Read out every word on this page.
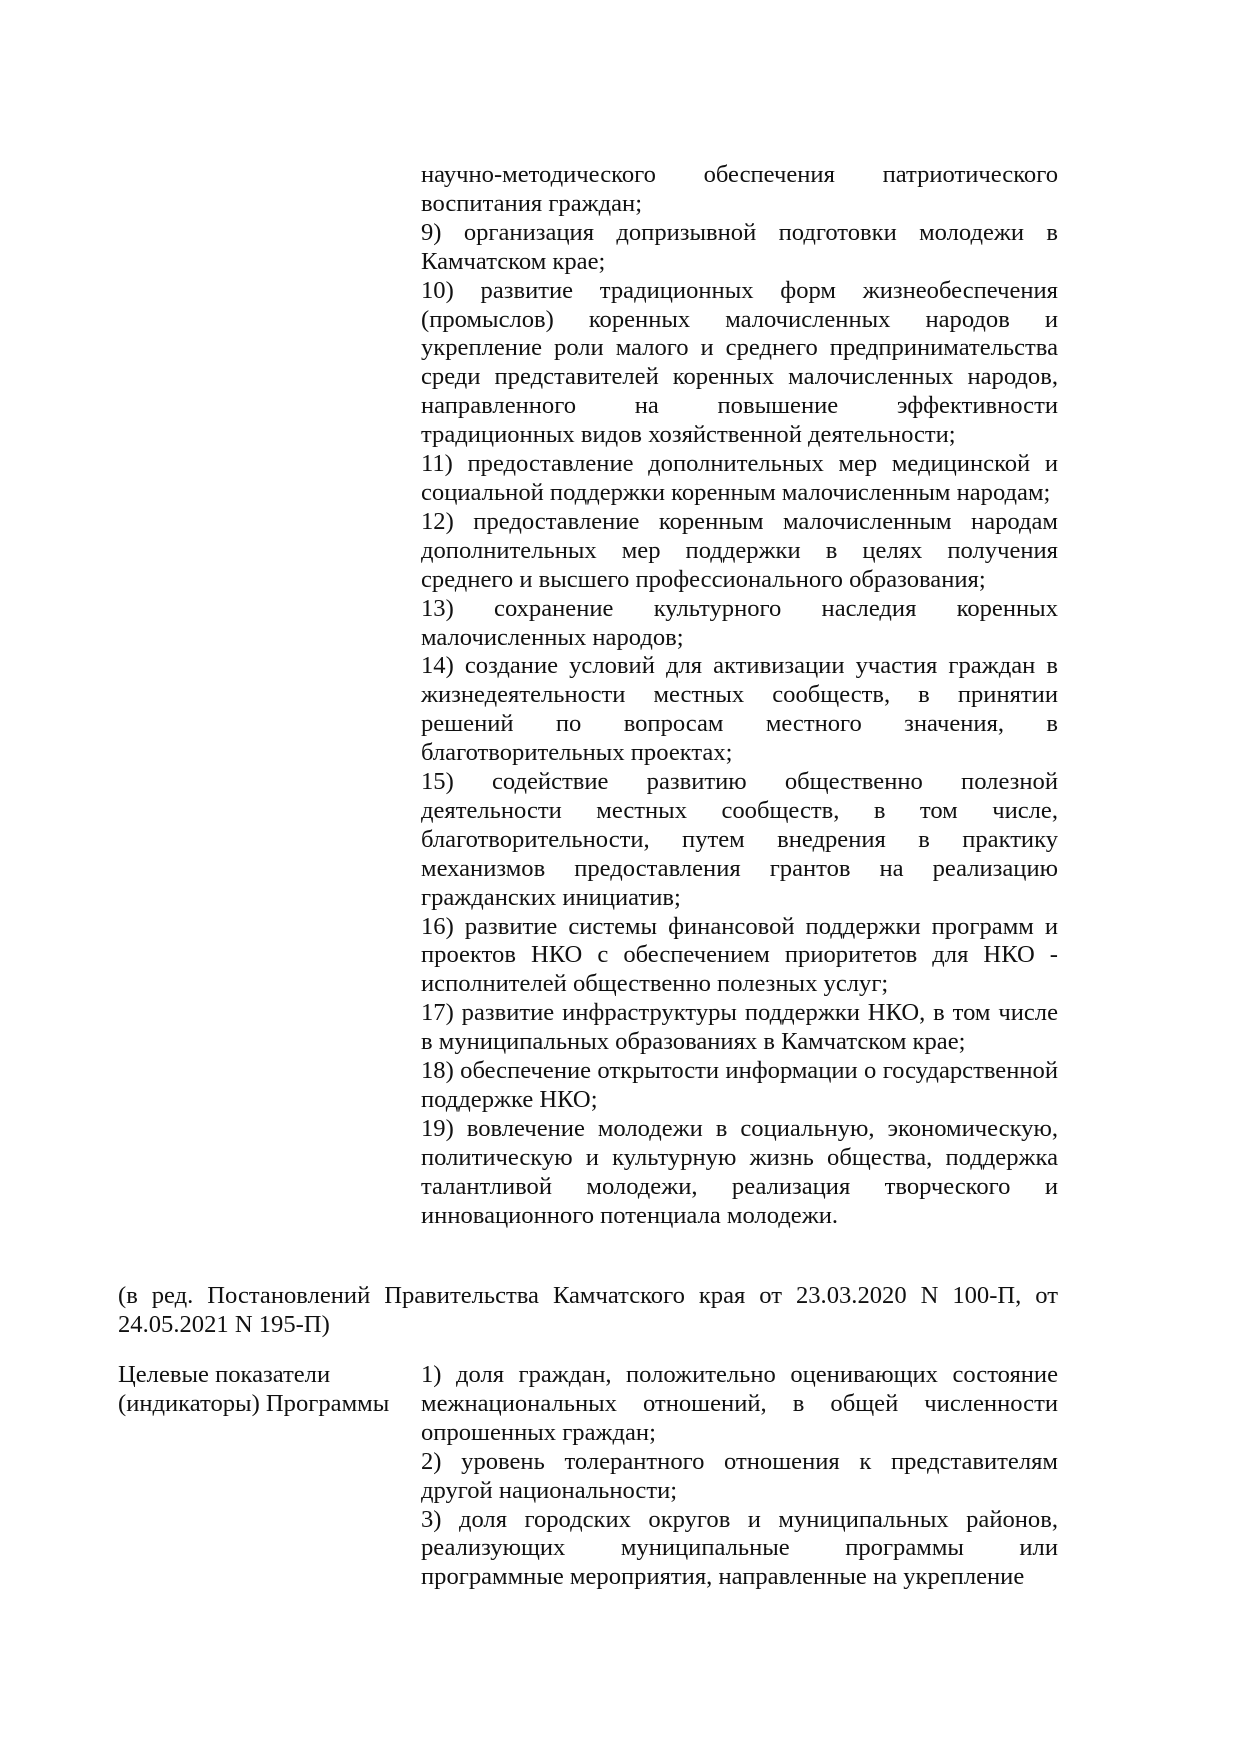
научно-методического обеспечения патриотического воспитания граждан;

9) организация допризывной подготовки молодежи в Камчатском крае;

10) развитие традиционных форм жизнеобеспечения (промыслов) коренных малочисленных народов и укрепление роли малого и среднего предпринимательства среди представителей коренных малочисленных народов, направленного на повышение эффективности традиционных видов хозяйственной деятельности;

11) предоставление дополнительных мер медицинской и социальной поддержки коренным малочисленным народам;

12) предоставление коренным малочисленным народам дополнительных мер поддержки в целях получения среднего и высшего профессионального образования;

13) сохранение культурного наследия коренных малочисленных народов;

14) создание условий для активизации участия граждан в жизнедеятельности местных сообществ, в принятии решений по вопросам местного значения, в благотворительных проектах;

15) содействие развитию общественно полезной деятельности местных сообществ, в том числе, благотворительности, путем внедрения в практику механизмов предоставления грантов на реализацию гражданских инициатив;

16) развитие системы финансовой поддержки программ и проектов НКО с обеспечением приоритетов для НКО - исполнителей общественно полезных услуг;

17) развитие инфраструктуры поддержки НКО, в том числе в муниципальных образованиях в Камчатском крае;

18) обеспечение открытости информации о государственной поддержке НКО;

19) вовлечение молодежи в социальную, экономическую, политическую и культурную жизнь общества, поддержка талантливой молодежи, реализация творческого и инновационного потенциала молодежи.

(в ред. Постановлений Правительства Камчатского края от 23.03.2020 N 100-П, от 24.05.2021 N 195-П)

Целевые показатели
(индикаторы) Программы

1) доля граждан, положительно оценивающих состояние межнациональных отношений, в общей численности опрошенных граждан;

2) уровень толерантного отношения к представителям другой национальности;

3) доля городских округов и муниципальных районов, реализующих муниципальные программы или программные мероприятия, направленные на укрепление
